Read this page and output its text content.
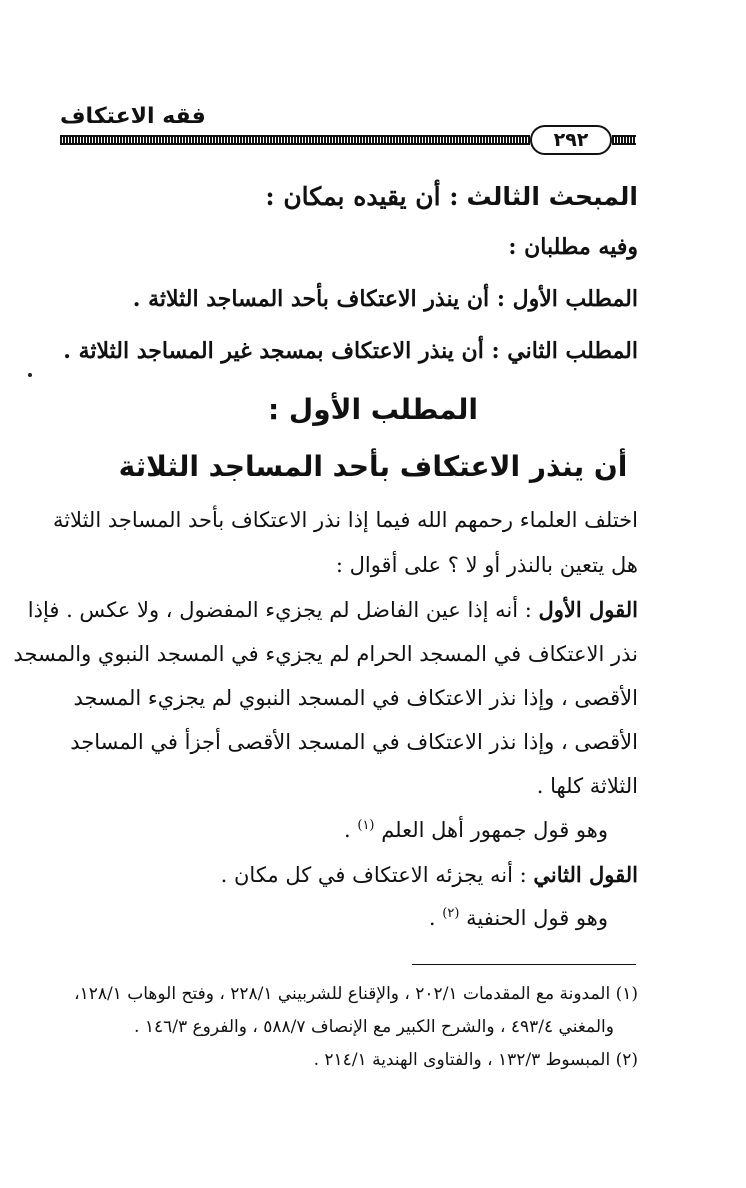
فقه الاعتكاف
٢٩٢
المبحث الثالث : أن يقيده بمكان :
وفيه مطلبان :
المطلب الأول : أن ينذر الاعتكاف بأحد المساجد الثلاثة .
المطلب الثاني : أن ينذر الاعتكاف بمسجد غير المساجد الثلاثة .
المطلب الأول :
أن ينذر الاعتكاف بأحد المساجد الثلاثة
اختلف العلماء رحمهم الله فيما إذا نذر الاعتكاف بأحد المساجد الثلاثة
هل يتعين بالنذر أو لا ؟ على أقوال :
القول الأول : أنه إذا عين الفاضل لم يجزيء المفضول ، ولا عكس . فإذا
نذر الاعتكاف في المسجد الحرام لم يجزيء في المسجد النبوي والمسجد
الأقصى ، وإذا نذر الاعتكاف في المسجد النبوي لم يجزيء المسجد
الأقصى ، وإذا نذر الاعتكاف في المسجد الأقصى أجزأ في المساجد
الثلاثة كلها .
وهو قول جمهور أهل العلم $^{(١)}$ .
القول الثاني : أنه يجزئه الاعتكاف في كل مكان .
وهو قول الحنفية $^{(٢)}$ .
(١) المدونة مع المقدمات ٢٠٢/١ ، والإقناع للشربيني ٢٢٨/١ ، وفتح الوهاب ١٢٨/١،
والمغني ٤٩٣/٤ ، والشرح الكبير مع الإنصاف ٥٨٨/٧ ، والفروع ١٤٦/٣ .
(٢) المبسوط ١٣٢/٣ ، والفتاوى الهندية ٢١٤/١ .
